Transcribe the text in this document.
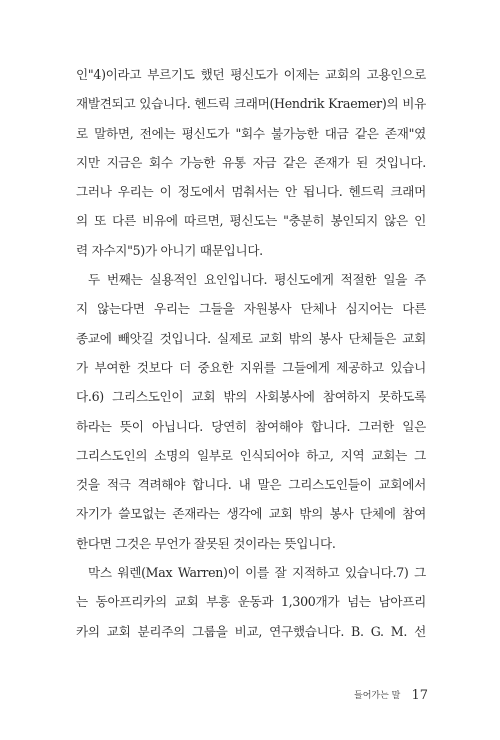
인"4)이라고 부르기도 했던 평신도가 이제는 교회의 고용인으로
재발견되고 있습니다. 헨드릭 크래머(Hendrik Kraemer)의 비유
로 말하면, 전에는 평신도가 "회수 불가능한 대금 같은 존재"였
지만 지금은 회수 가능한 유통 자금 같은 존재가 된 것입니다.
그러나 우리는 이 정도에서 멈춰서는 안 됩니다. 헨드릭 크래머
의 또 다른 비유에 따르면, 평신도는 "충분히 봉인되지 않은 인
력 자수지"5)가 아니기 때문입니다.

두 번째는 실용적인 요인입니다. 평신도에게 적절한 일을 주
지 않는다면 우리는 그들을 자원봉사 단체나 심지어는 다른
종교에 빼앗길 것입니다. 실제로 교회 밖의 봉사 단체들은 교회
가 부여한 것보다 더 중요한 지위를 그들에게 제공하고 있습니
다.6) 그리스도인이 교회 밖의 사회봉사에 참여하지 못하도록
하라는 뜻이 아닙니다. 당연히 참여해야 합니다. 그러한 일은
그리스도인의 소명의 일부로 인식되어야 하고, 지역 교회는 그
것을 적극 격려해야 합니다. 내 말은 그리스도인들이 교회에서
자기가 쓸모없는 존재라는 생각에 교회 밖의 봉사 단체에 참여
한다면 그것은 무언가 잘못된 것이라는 뜻입니다.

막스 워렌(Max Warren)이 이를 잘 지적하고 있습니다.7) 그
는 동아프리카의 교회 부흥 운동과 1,300개가 넘는 남아프리
카의 교회 분리주의 그룹을 비교, 연구했습니다. B. G. M. 선

들어가는 말 17
